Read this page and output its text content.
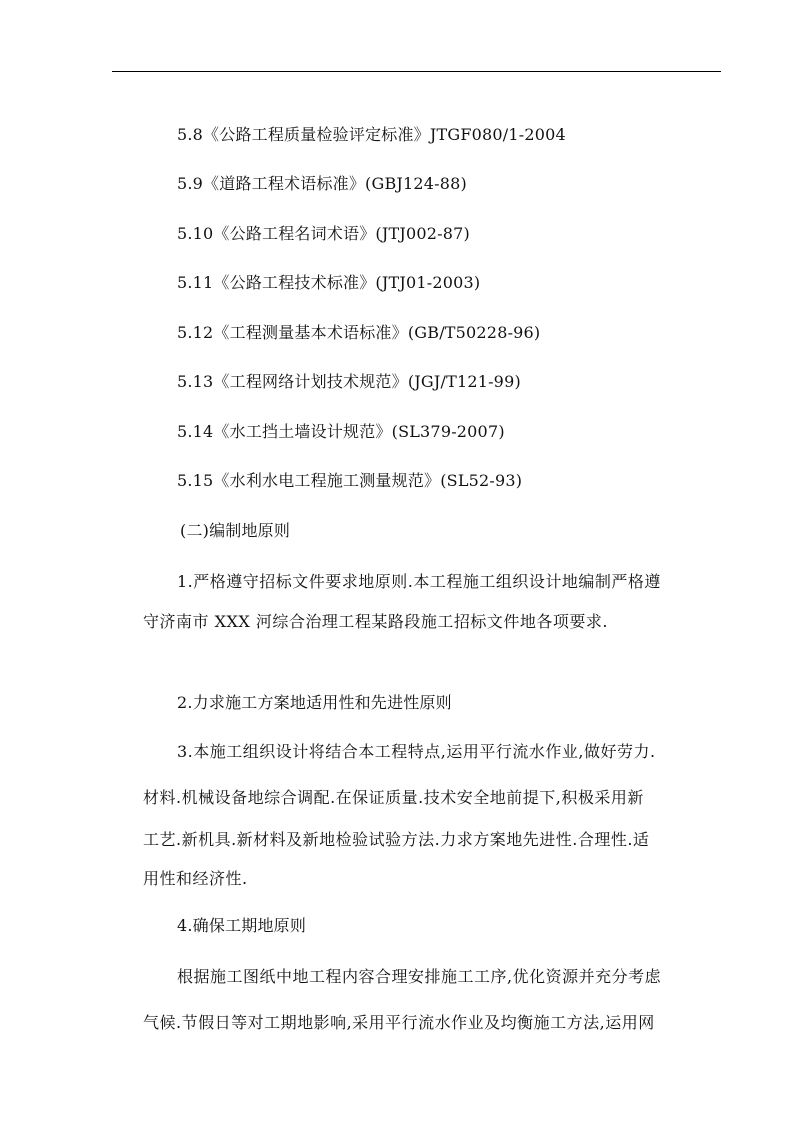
5.8《公路工程质量检验评定标准》JTGF080/1-2004
5.9《道路工程术语标准》(GBJ124-88)
5.10《公路工程名词术语》(JTJ002-87)
5.11《公路工程技术标准》(JTJ01-2003)
5.12《工程测量基本术语标准》(GB/T50228-96)
5.13《工程网络计划技术规范》(JGJ/T121-99)
5.14《水工挡土墙设计规范》(SL379-2007)
5.15《水利水电工程施工测量规范》(SL52-93)
(二)编制地原则
1.严格遵守招标文件要求地原则.本工程施工组织设计地编制严格遵
守济南市 XXX 河综合治理工程某路段施工招标文件地各项要求.
2.力求施工方案地适用性和先进性原则
3.本施工组织设计将结合本工程特点,运用平行流水作业,做好劳力.
材料.机械设备地综合调配.在保证质量.技术安全地前提下,积极采用新
工艺.新机具.新材料及新地检验试验方法.力求方案地先进性.合理性.适
用性和经济性.
4.确保工期地原则
根据施工图纸中地工程内容合理安排施工工序,优化资源并充分考虑
气候.节假日等对工期地影响,采用平行流水作业及均衡施工方法,运用网
